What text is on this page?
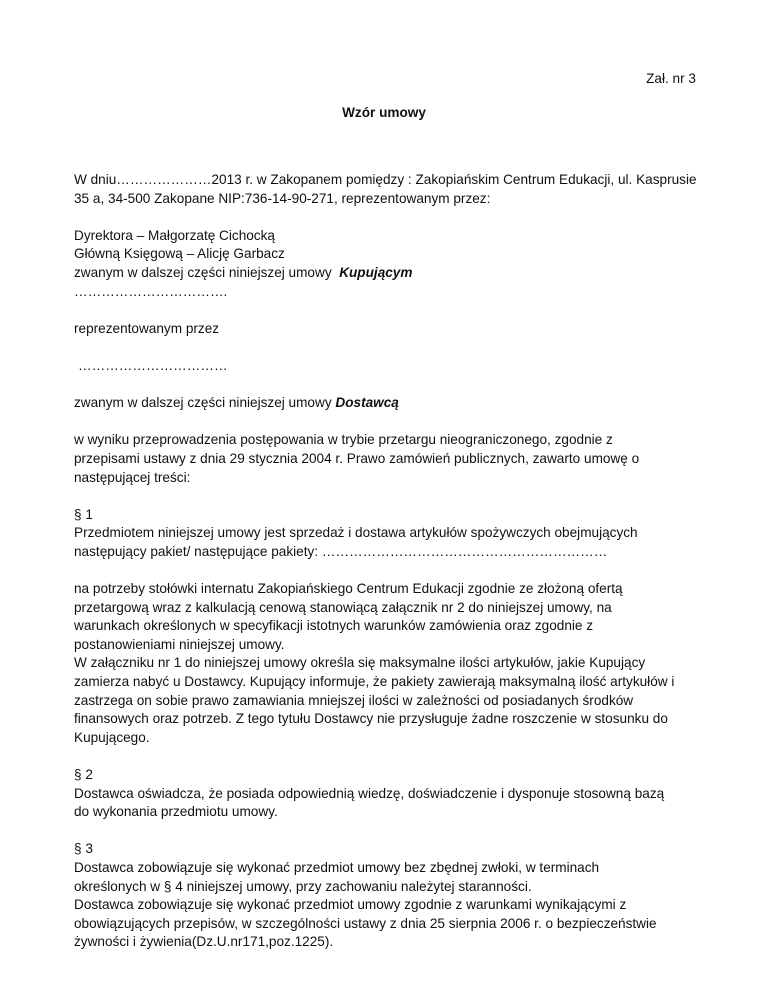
Zał. nr 3

Wzór umowy

W dniu…………………2013 r. w Zakopanem pomiędzy : Zakopiańskim Centrum Edukacji, ul. Kasprusie
35 a, 34-500 Zakopane NIP:736-14-90-271, reprezentowanym przez:

Dyrektora – Małgorzatę Cichocką
Główną Księgową – Alicję Garbacz
zwanym w dalszej części niniejszej umowy Kupującym
…………………………….

reprezentowanym przez

……………………………

zwanym w dalszej części niniejszej umowy Dostawcą

w wyniku przeprowadzenia postępowania w trybie przetargu nieograniczonego, zgodnie z
przepisami ustawy z dnia 29 stycznia 2004 r. Prawo zamówień publicznych, zawarto umowę o
następującej treści:

§ 1
Przedmiotem niniejszej umowy jest sprzedaż i dostawa artykułów spożywczych obejmujących
następujący pakiet/ następujące pakiety: ………………………………………………………

na potrzeby stołówki internatu Zakopiańskiego Centrum Edukacji zgodnie ze złożoną ofertą
przetargową wraz z kalkulacją cenową stanowiącą załącznik nr 2 do niniejszej umowy, na
warunkach określonych w specyfikacji istotnych warunków zamówienia oraz zgodnie z
postanowieniami niniejszej umowy.
W załączniku nr 1 do niniejszej umowy określa się maksymalne ilości artykułów, jakie Kupujący
zamierza nabyć u Dostawcy. Kupujący informuje, że pakiety zawierają maksymalną ilość artykułów i
zastrzega on sobie prawo zamawiania mniejszej ilości w zależności od posiadanych środków
finansowych oraz potrzeb. Z tego tytułu Dostawcy nie przysługuje żadne roszczenie w stosunku do
Kupującego.

§ 2
Dostawca oświadcza, że posiada odpowiednią wiedzę, doświadczenie i dysponuje stosowną bazą
do wykonania przedmiotu umowy.

§ 3
Dostawca zobowiązuje się wykonać przedmiot umowy bez zbędnej zwłoki, w terminach
określonych w § 4 niniejszej umowy, przy zachowaniu należytej staranności.
Dostawca zobowiązuje się wykonać przedmiot umowy zgodnie z warunkami wynikającymi z
obowiązujących przepisów, w szczególności ustawy z dnia 25 sierpnia 2006 r. o bezpieczeństwie
żywności i żywienia(Dz.U.nr171,poz.1225).
